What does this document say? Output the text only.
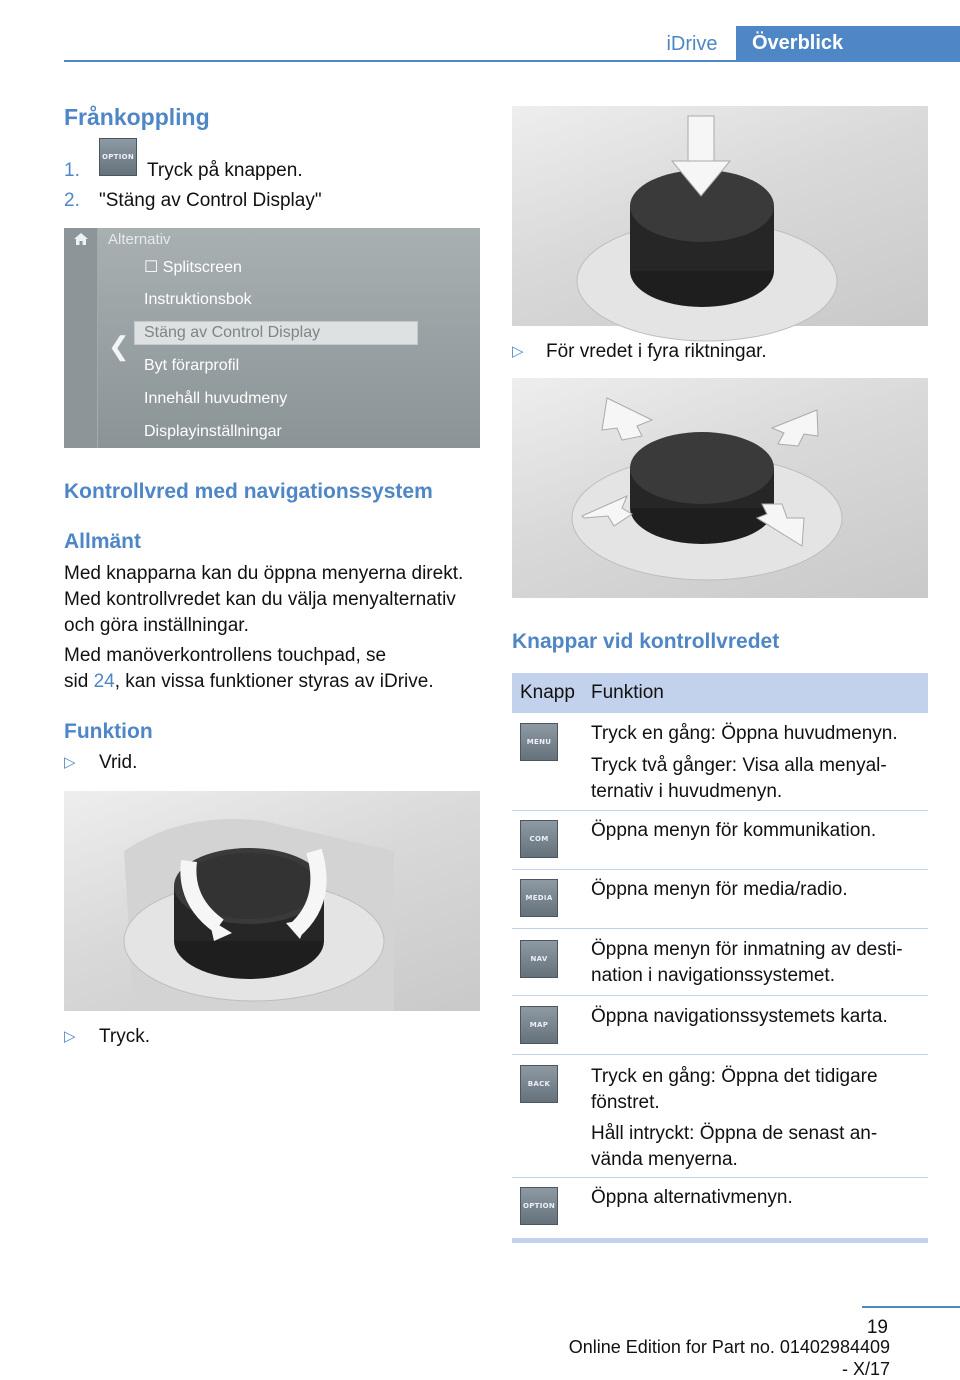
iDrive	Överblick
Frånkoppling
1.
OPTION
Tryck på knappen.
2. "Stäng av Control Display"
Alternativ
❮
☐ Splitscreen
Instruktionsbok
Stäng av Control Display
Byt förarprofil
Innehåll huvudmeny
Displayinställningar
Kontrollvred med navigationssystem
Allmänt
Med knapparna kan du öppna menyerna direkt.
Med kontrollvredet kan du välja menyalternativ
och göra inställningar.
Med manöverkontrollens touchpad, se
sid 24, kan vissa funktioner styras av iDrive.
Funktion
▷ Vrid.
▷ Tryck.
▷ För vredet i fyra riktningar.
Knappar vid kontrollvredet
Knapp Funktion
MENU	Tryck en gång: Öppna huvudmenyn.
Tryck två gånger: Visa alla menyal-
ternativ i huvudmenyn.
COM	Öppna menyn för kommunikation.
MEDIA Öppna menyn för media/radio.
NAV	Öppna menyn för inmatning av desti-
nation i navigationssystemet.
MAP	Öppna navigationssystemets karta.
BACK	Tryck en gång: Öppna det tidigare
fönstret.
Håll intryckt: Öppna de senast an-
vända menyerna.
OPTION Öppna alternativmenyn.
19
Online Edition for Part no. 01402984409 - X/17
